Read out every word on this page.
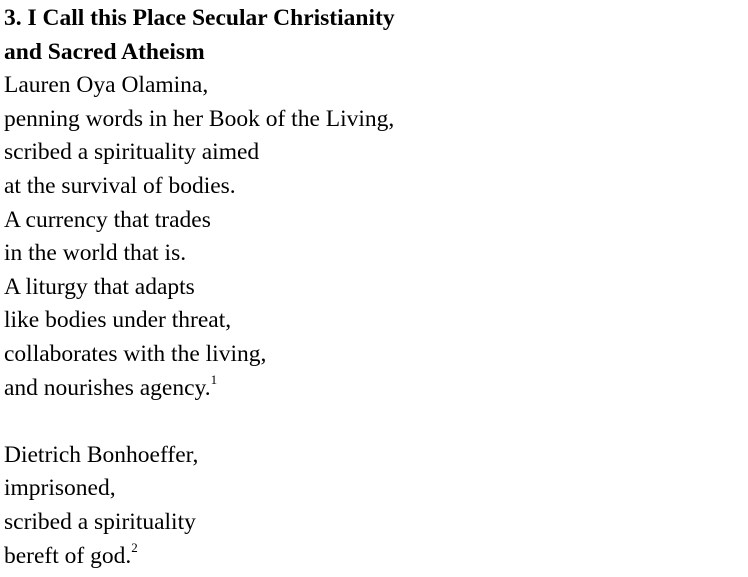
3. I Call this Place Secular Christianity
and Sacred Atheism
Lauren Oya Olamina,
penning words in her Book of the Living,
scribed a spirituality aimed
at the survival of bodies.
A currency that trades
in the world that is.
A liturgy that adapts
like bodies under threat,
collaborates with the living,
and nourishes agency.$^1$
Dietrich Bonhoeffer,
imprisoned,
scribed a spirituality
bereft of god.$^2$
